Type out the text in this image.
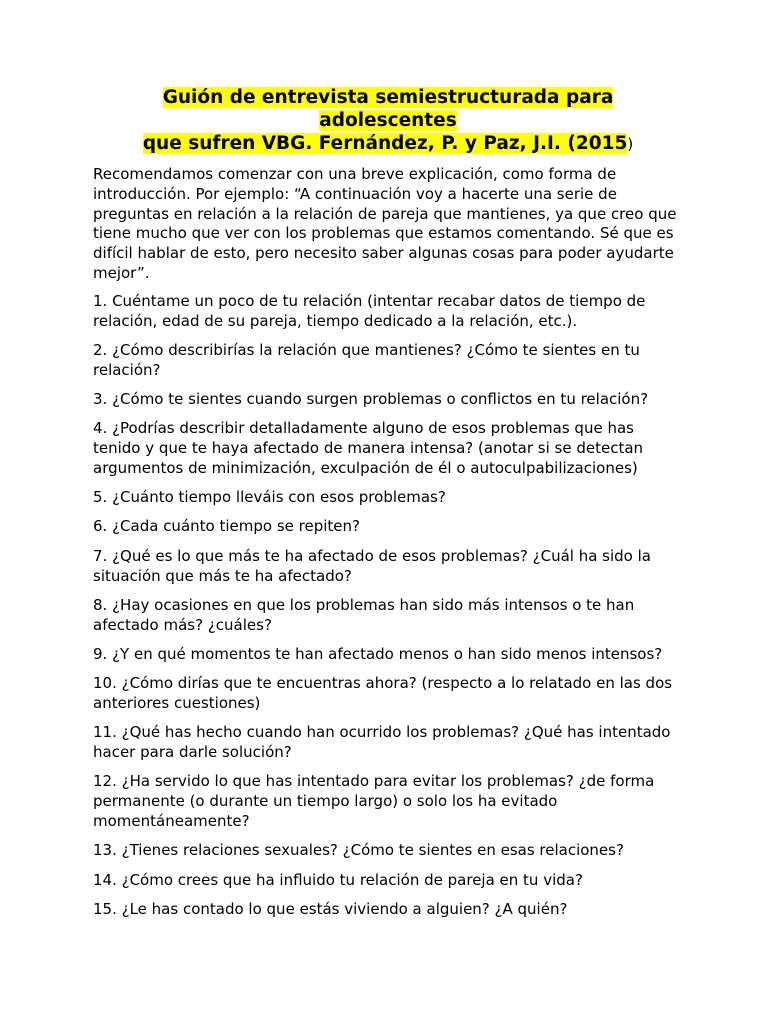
Guión de entrevista semiestructurada para adolescentes
que sufren VBG. Fernández, P. y Paz, J.I. (2015)

Recomendamos comenzar con una breve explicación, como forma de introducción. Por ejemplo: “A continuación voy a hacerte una serie de preguntas en relación a la relación de pareja que mantienes, ya que creo que tiene mucho que ver con los problemas que estamos comentando. Sé que es difícil hablar de esto, pero necesito saber algunas cosas para poder ayudarte mejor”.

1. Cuéntame un poco de tu relación (intentar recabar datos de tiempo de relación, edad de su pareja, tiempo dedicado a la relación, etc.).

2. ¿Cómo describirías la relación que mantienes? ¿Cómo te sientes en tu relación?

3. ¿Cómo te sientes cuando surgen problemas o conflictos en tu relación?

4. ¿Podrías describir detalladamente alguno de esos problemas que has tenido y que te haya afectado de manera intensa? (anotar si se detectan argumentos de minimización, exculpación de él o autoculpabilizaciones)

5. ¿Cuánto tiempo lleváis con esos problemas?

6. ¿Cada cuánto tiempo se repiten?

7. ¿Qué es lo que más te ha afectado de esos problemas? ¿Cuál ha sido la situación que más te ha afectado?

8. ¿Hay ocasiones en que los problemas han sido más intensos o te han afectado más? ¿cuáles?

9. ¿Y en qué momentos te han afectado menos o han sido menos intensos?

10. ¿Cómo dirías que te encuentras ahora? (respecto a lo relatado en las dos anteriores cuestiones)

11. ¿Qué has hecho cuando han ocurrido los problemas? ¿Qué has intentado hacer para darle solución?

12. ¿Ha servido lo que has intentado para evitar los problemas? ¿de forma permanente (o durante un tiempo largo) o solo los ha evitado momentáneamente?

13. ¿Tienes relaciones sexuales? ¿Cómo te sientes en esas relaciones?

14. ¿Cómo crees que ha influido tu relación de pareja en tu vida?

15. ¿Le has contado lo que estás viviendo a alguien? ¿A quién?
